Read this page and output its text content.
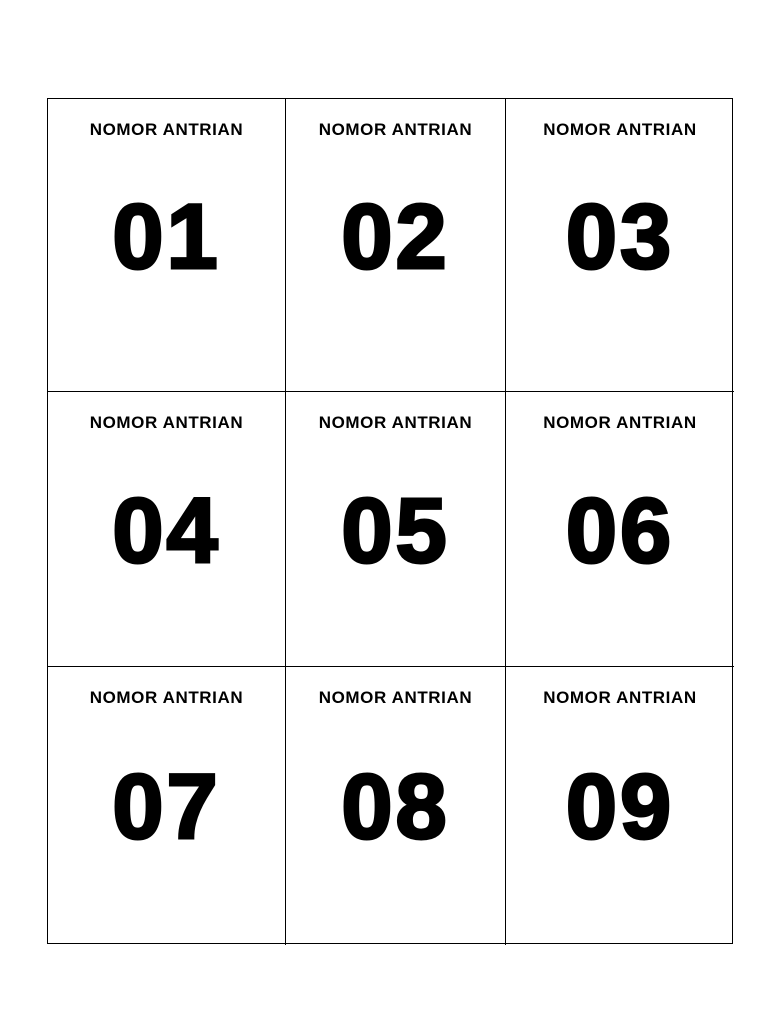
NOMOR ANTRIAN
01
NOMOR ANTRIAN
02
NOMOR ANTRIAN
03
NOMOR ANTRIAN
04
NOMOR ANTRIAN
05
NOMOR ANTRIAN
06
NOMOR ANTRIAN
07
NOMOR ANTRIAN
08
NOMOR ANTRIAN
09
